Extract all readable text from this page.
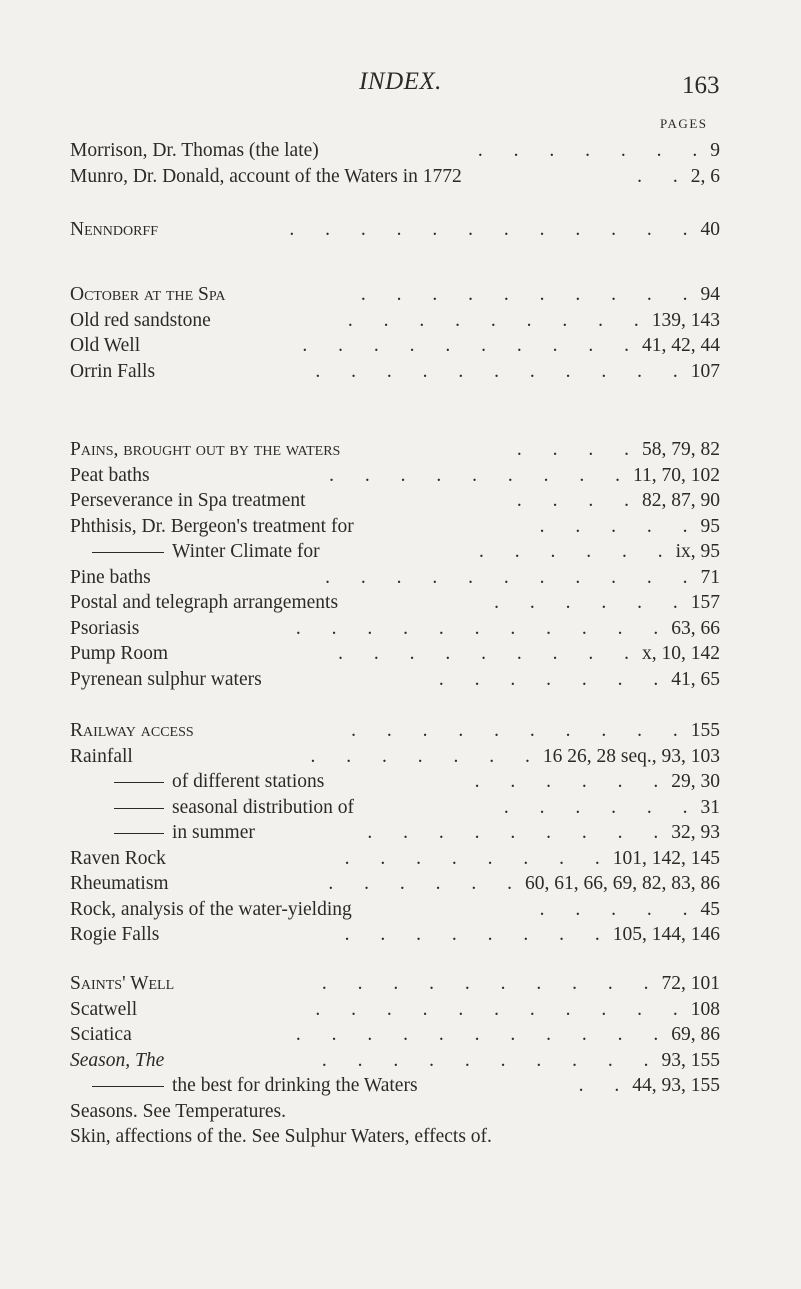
INDEX.	163
PAGES
Morrison, Dr. Thomas (the late)	. . . . . . .9
Munro, Dr. Donald, account of the Waters in 1772	. .2, 6
Nenndorff	. . . . . . . . . . . .40
October at the Spa	. . . . . . . . . .94
Old red sandstone	. . . . . . . . .139, 143
Old Well	. . . . . . . . . .41, 42, 44
Orrin Falls	. . . . . . . . . . .107
Pains, brought out by the waters	. . . .58, 79, 82
Peat baths	. . . . . . . . .11, 70, 102
Perseverance in Spa treatment	. . . .82, 87, 90
Phthisis, Dr. Bergeon's treatment for	. . . . .95
Winter Climate for	. . . . . .ix, 95
Pine baths	. . . . . . . . . . .71
Postal and telegraph arrangements	. . . . . .157
Psoriasis	. . . . . . . . . . .63, 66
Pump Room	. . . . . . . . .x, 10, 142
Pyrenean sulphur waters	. . . . . . .41, 65
Railway access	. . . . . . . . . .155
Rainfall	. . . . . . .16 26, 28 seq., 93, 103
of different stations	. . . . . .29, 30
seasonal distribution of	. . . . . .31
in summer	. . . . . . . . .32, 93
Raven Rock	. . . . . . . .101, 142, 145
Rheumatism	. . . . . .60, 61, 66, 69, 82, 83, 86
Rock, analysis of the water-yielding	. . . . .45
Rogie Falls	. . . . . . . .105, 144, 146
Saints' Well	. . . . . . . . . .72, 101
Scatwell	. . . . . . . . . . .108
Sciatica	. . . . . . . . . . .69, 86
Season, The	. . . . . . . . . .93, 155
the best for drinking the Waters	. .44, 93, 155
Seasons. See Temperatures.
Skin, affections of the. See Sulphur Waters, effects of.
